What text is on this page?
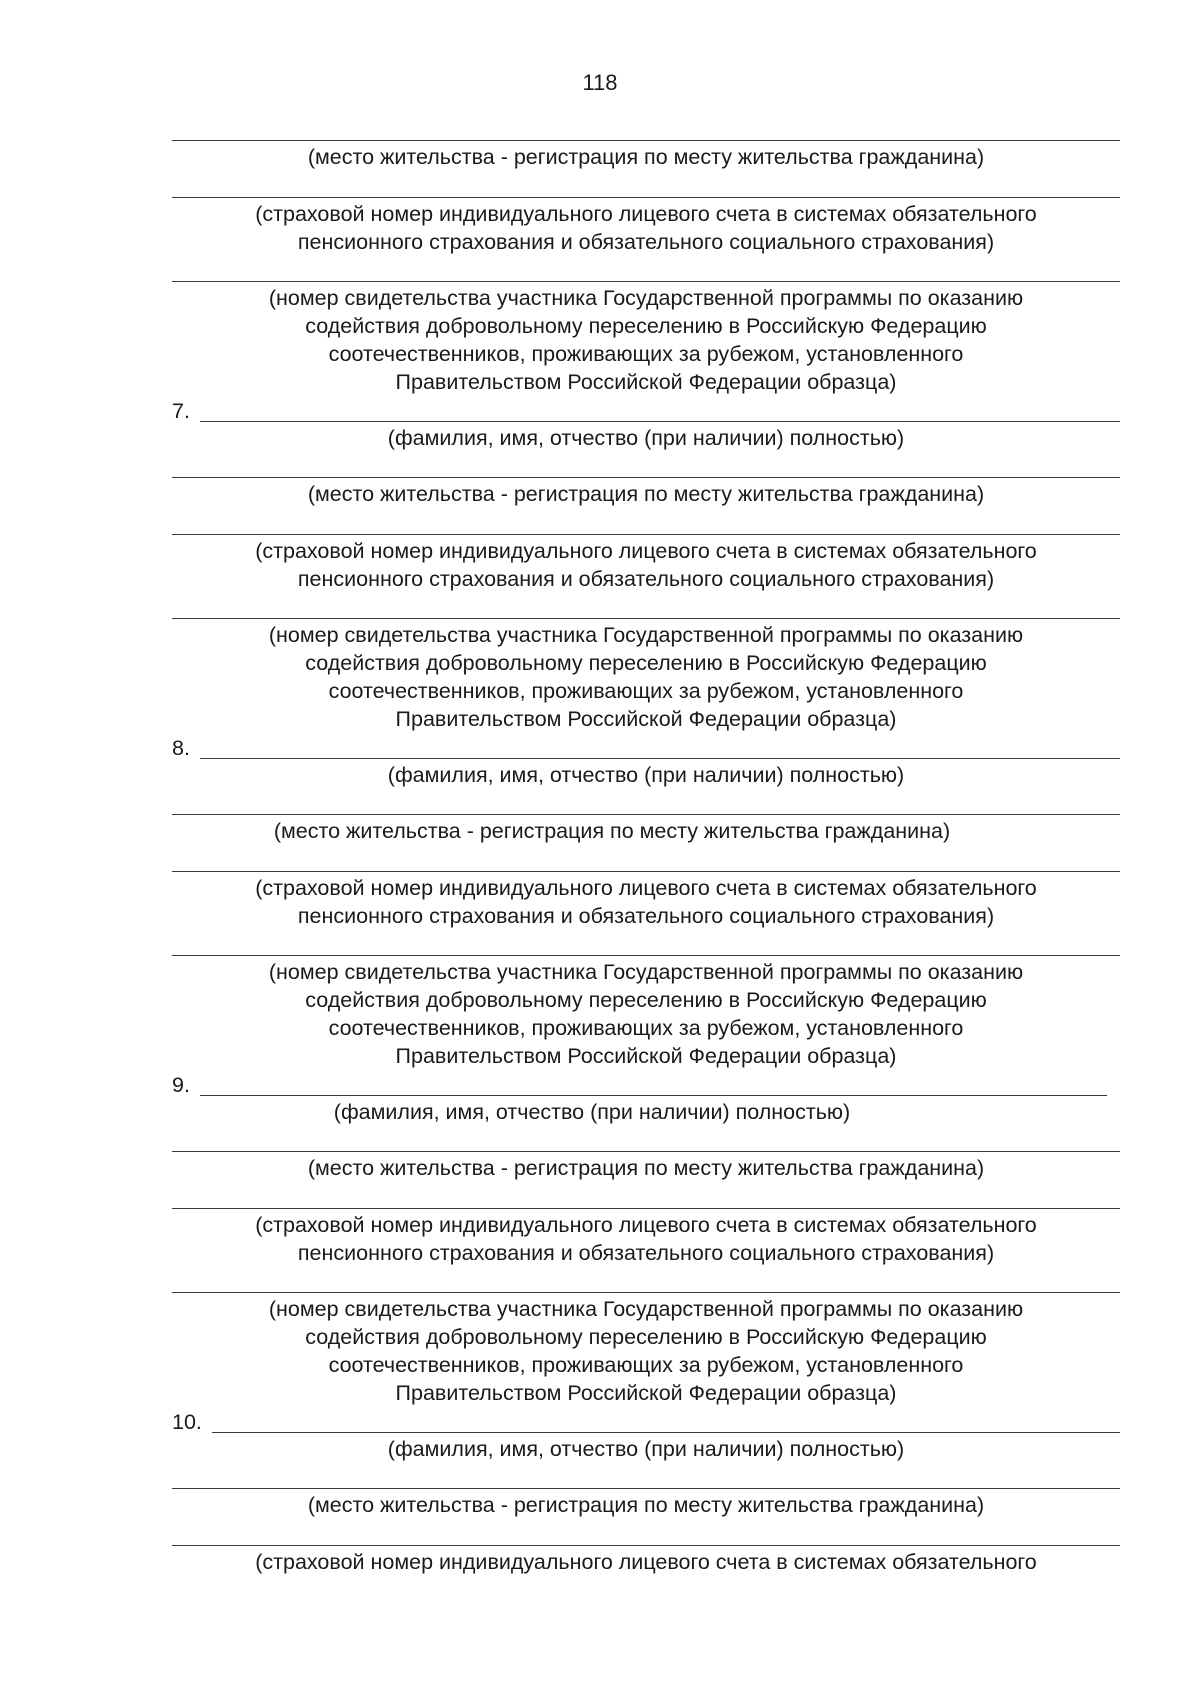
118
(место жительства - регистрация по месту жительства гражданина)
(страховой номер индивидуального лицевого счета в системах обязательного
пенсионного страхования и обязательного социального страхования)
(номер свидетельства участника Государственной программы по оказанию
содействия добровольному переселению в Российскую Федерацию
соотечественников, проживающих за рубежом, установленного
Правительством Российской Федерации образца)
7.
(фамилия, имя, отчество (при наличии) полностью)
(место жительства - регистрация по месту жительства гражданина)
(страховой номер индивидуального лицевого счета в системах обязательного
пенсионного страхования и обязательного социального страхования)
(номер свидетельства участника Государственной программы по оказанию
содействия добровольному переселению в Российскую Федерацию
соотечественников, проживающих за рубежом, установленного
Правительством Российской Федерации образца)
8.
(фамилия, имя, отчество (при наличии) полностью)
(место жительства - регистрация по месту жительства гражданина)
(страховой номер индивидуального лицевого счета в системах обязательного
пенсионного страхования и обязательного социального страхования)
(номер свидетельства участника Государственной программы по оказанию
содействия добровольному переселению в Российскую Федерацию
соотечественников, проживающих за рубежом, установленного
Правительством Российской Федерации образца)
9.
(фамилия, имя, отчество (при наличии) полностью)
(место жительства - регистрация по месту жительства гражданина)
(страховой номер индивидуального лицевого счета в системах обязательного
пенсионного страхования и обязательного социального страхования)
(номер свидетельства участника Государственной программы по оказанию
содействия добровольному переселению в Российскую Федерацию
соотечественников, проживающих за рубежом, установленного
Правительством Российской Федерации образца)
10.
(фамилия, имя, отчество (при наличии) полностью)
(место жительства - регистрация по месту жительства гражданина)
(страховой номер индивидуального лицевого счета в системах обязательного
